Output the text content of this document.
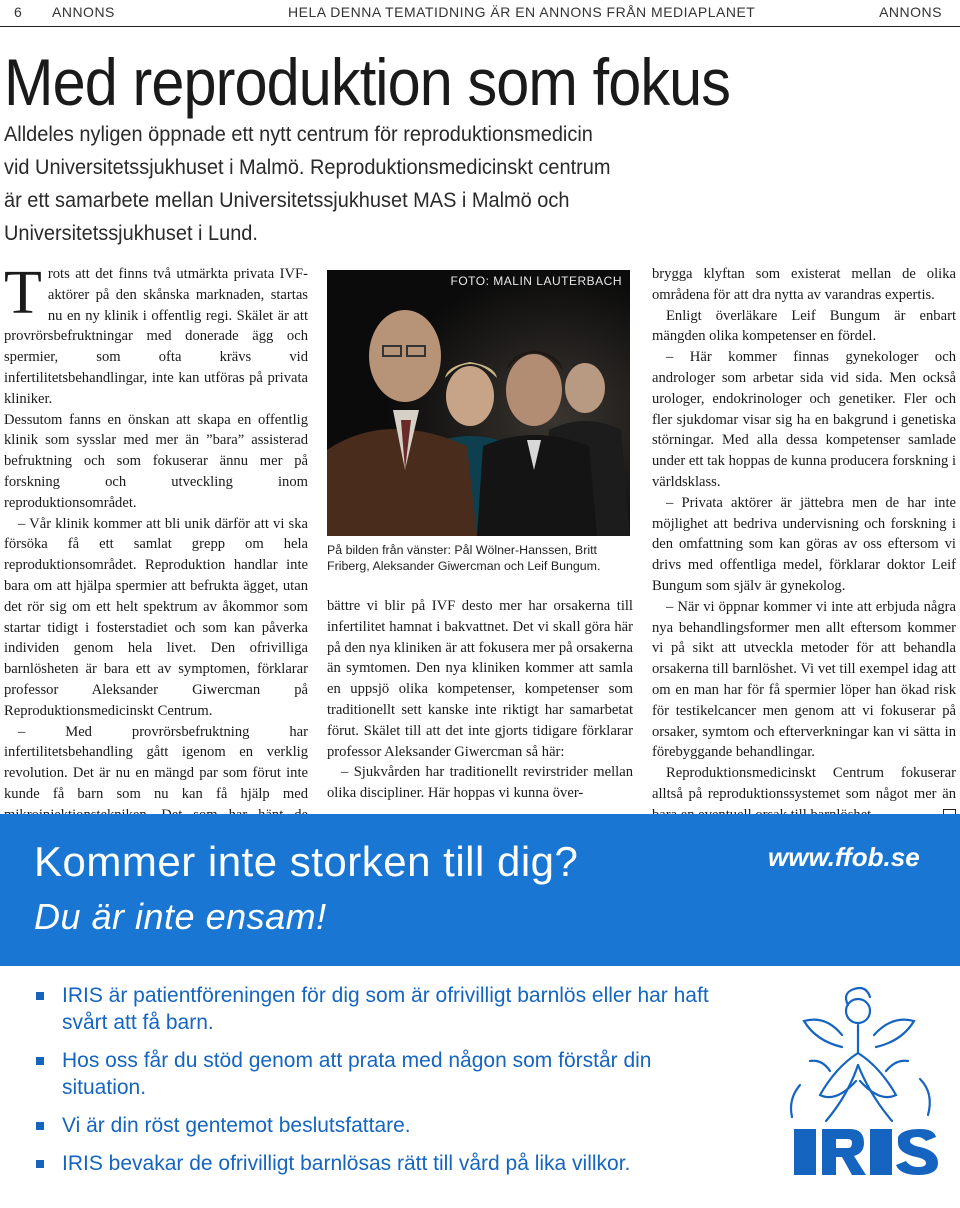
6 ANNONS	HELA DENNA TEMATIDNING ÄR EN ANNONS FRÅN MEDIAPLANET	ANNONS
Med reproduktion som fokus
Alldeles nyligen öppnade ett nytt centrum för reproduktionsmedicin vid Universitetssjukhuset i Malmö. Reproduktionsmedicinskt centrum är ett samarbete mellan Universitetssjukhuset MAS i Malmö och Universitetssjukhuset i Lund.

Trots att det finns två utmärkta privata IVF-aktörer på den skånska marknaden, startas nu en ny klinik i offentlig regi. Skälet är att provrörsbefruktningar med donerade ägg och spermier, som ofta krävs vid infertilitetsbehandlingar, inte kan utföras på privata kliniker.

Dessutom fanns en önskan att skapa en offentlig klinik som sysslar med mer än ”bara” assisterad befruktning och som fokuserar ännu mer på forskning och utveckling inom reproduktionsområdet.

– Vår klinik kommer att bli unik därför att vi ska försöka få ett samlat grepp om hela reproduktionsområdet. Reproduktion handlar inte bara om att hjälpa spermier att befrukta ägget, utan det rör sig om ett helt spektrum av åkommor som startar tidigt i fosterstadiet och som kan påverka individen genom hela livet. Den ofrivilliga barnlösheten är bara ett av symptomen, förklarar professor Aleksander Giwercman på Reproduktionsmedicinskt Centrum.

– Med provrörsbefruktning har infertilitetsbehandling gått igenom en verklig revolution. Det är nu en mängd par som förut inte kunde få barn som nu kan få hjälp med

FOTO: MALIN LAUTERBACH
På bilden från vänster: Pål Wölner-Hanssen, Britt Friberg, Aleksander Giwercman och Leif Bungum.

bättre vi blir på IVF desto mer har orsakerna till infertilitet hamnat i bakvattnet. Det vi skall göra här på den nya kliniken är att fokusera mer på orsakerna än symtomen. Den nya kliniken kommer att samla en uppsjö olika kompetenser, kompetenser som traditionellt sett kanske inte riktigt har samarbetat förut. Skälet till att det inte gjorts tidigare förklarar professor Aleksander Giwercman så här:

– Sjukvården har traditionellt revirstrider mellan olika discipliner. Här hoppas vi kunna över-

brygga klyftan som existerat mellan de olika områdena för att dra nytta av varandras expertis.

Enligt överläkare Leif Bungum är enbart mängden olika kompetenser en fördel.

– Här kommer finnas gynekologer och androloger som arbetar sida vid sida. Men också urologer, endokrinologer och genetiker. Fler och fler sjukdomar visar sig ha en bakgrund i genetiska störningar. Med alla dessa kompetenser samlade under ett tak hoppas de kunna producera forskning i världsklass.

– Privata aktörer är jättebra men de har inte möjlighet att bedriva undervisning och forskning i den omfattning som kan göras av oss eftersom vi drivs med offentliga medel, förklarar doktor Leif Bungum som själv är gynekolog.

– När vi öppnar kommer vi inte att erbjuda några nya behandlingsformer men allt eftersom kommer vi på sikt att utveckla metoder för att behandla orsakerna till barnlöshet. Vi vet till exempel idag att om en man har för få spermier löper han ökad risk för testikelcancer men genom att vi fokuserar på orsaker, symtom och efterverkningar kan vi sätta in förebyggande behandlingar.

Reproduktionsmedicinskt Centrum fokuserar alltså på reproduktionssystemet som något mer än

Kommer inte storken till dig?
Du är inte ensam!
www.ffob.se
IRIS är patientföreningen för dig som är ofrivilligt barnlös eller har haft svårt att få barn.
Hos oss får du stöd genom att prata med någon som förstår din situation.
Vi är din röst gentemot beslutsfattare.
IRIS bevakar de ofrivilligt barnlösas rätt till vård på lika villkor.
